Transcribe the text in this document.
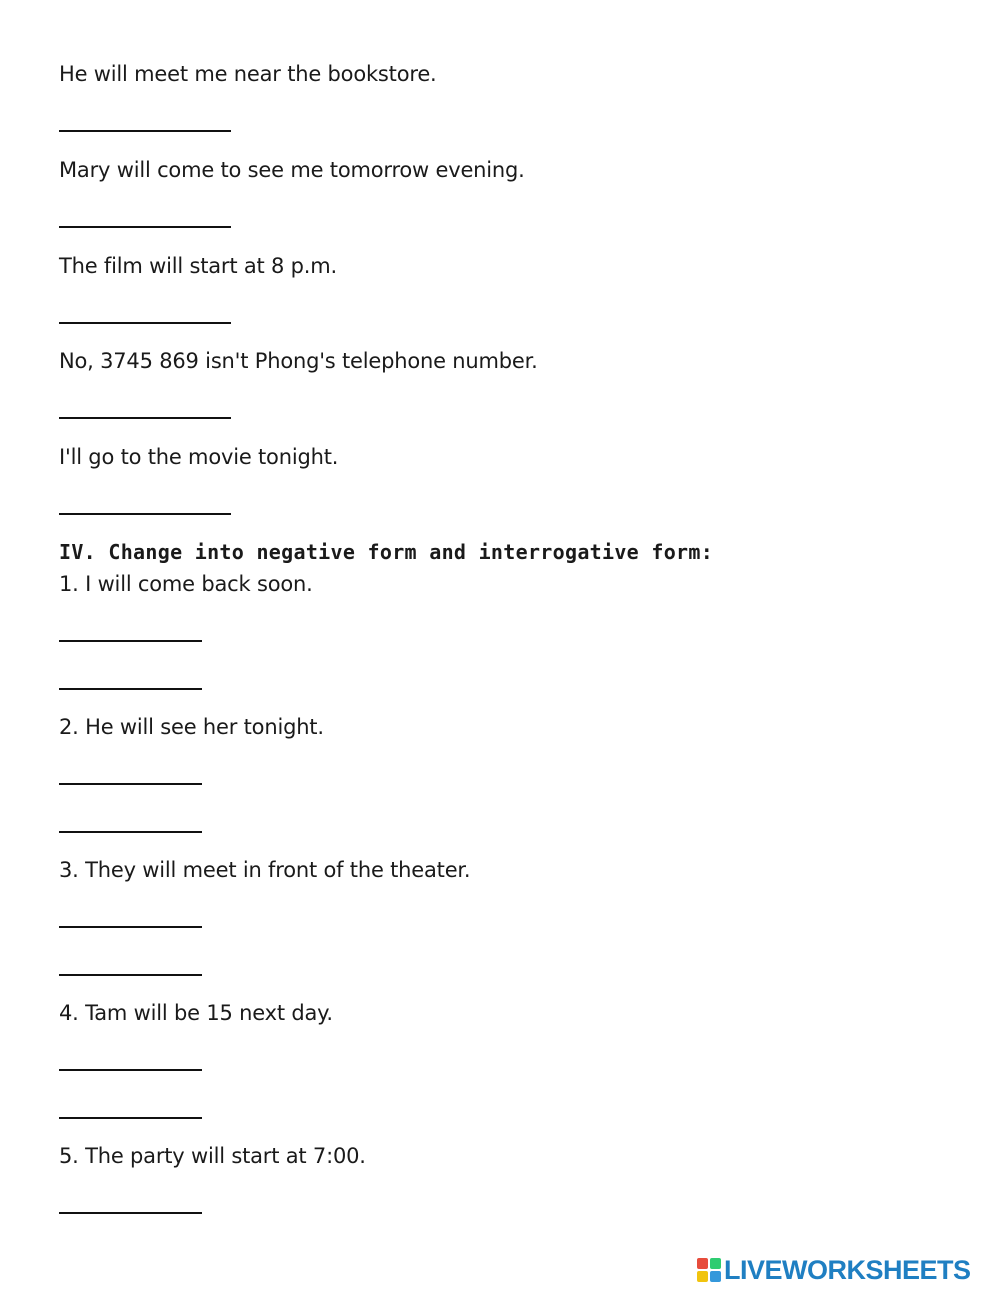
He will meet me near the bookstore.

Mary will come to see me tomorrow evening.

The film will start at 8 p.m.

No, 3745 869 isn't Phong's telephone number.

I'll go to the movie tonight.

IV. Change into negative form and interrogative form:

1. I will come back soon.

2. He will see her tonight.

3. They will meet in front of the theater.

4. Tam will be 15 next day.

5. The party will start at 7:00.

LIVEWORKSHEETS
